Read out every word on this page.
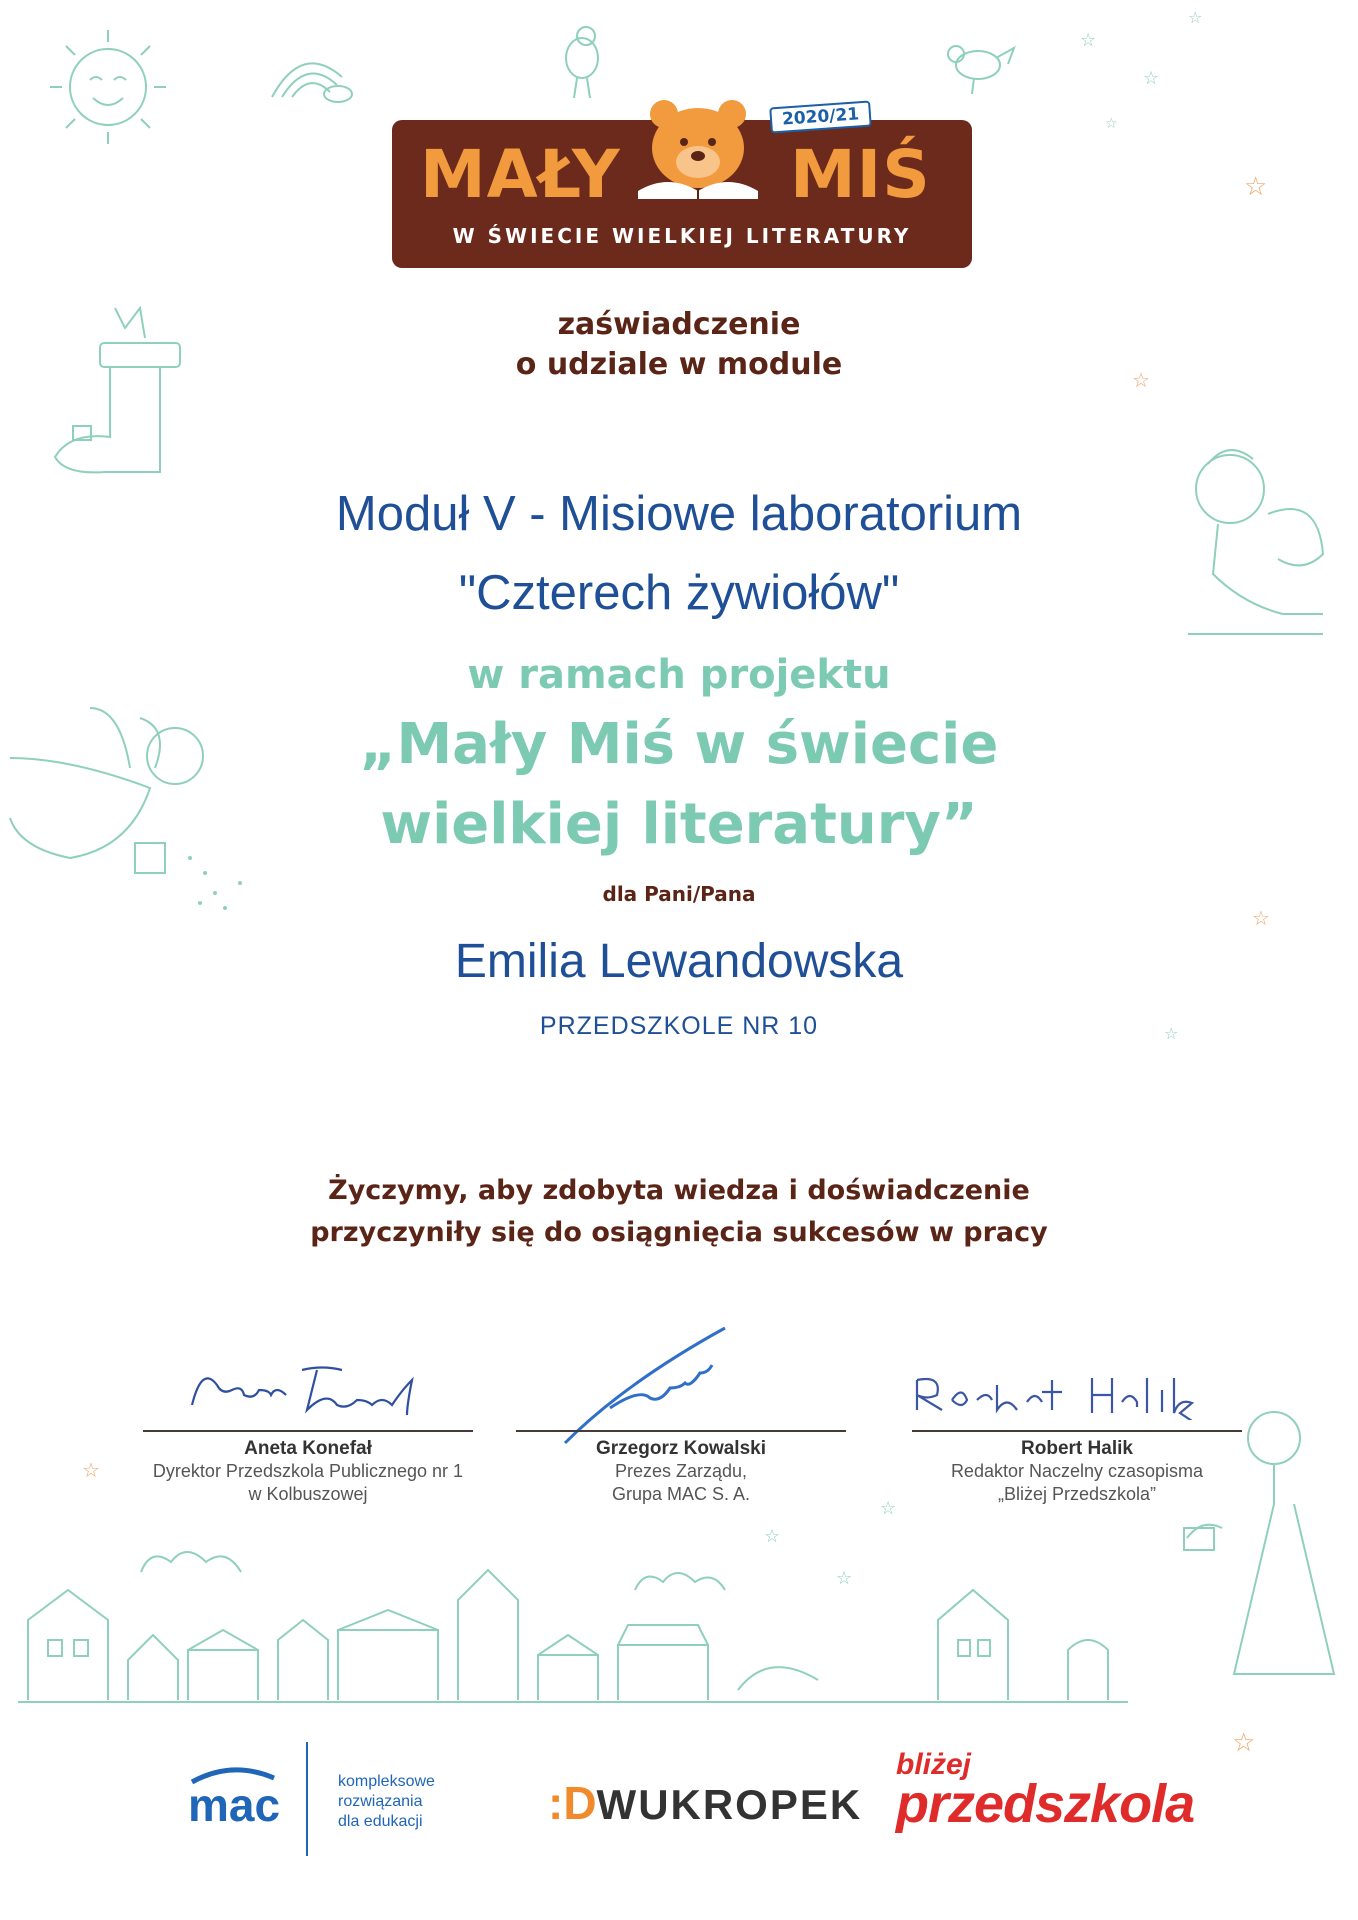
☆
☆
☆
☆
☆
☆
☆
☆
☆
☆
☆
☆
☆
MAŁY	MIŚ
2020/21
W ŚWIECIE WIELKIEJ LITERATURY
zaświadczenie
o udziale w module
Moduł V - Misiowe laboratorium
"Czterech żywiołów"
w ramach projektu
„Mały Miś w świecie
wielkiej literatury”
dla Pani/Pana
Emilia Lewandowska
PRZEDSZKOLE NR 10
Życzymy, aby zdobyta wiedza i doświadczenie
przyczyniły się do osiągnięcia sukcesów w pracy
Aneta Konefał
Dyrektor Przedszkola Publicznego nr 1
w Kolbuszowej
Grzegorz Kowalski
Prezes Zarządu,
Grupa MAC S. A.
Robert Halik
Redaktor Naczelny czasopisma
„Bliżej Przedszkola”
mac	kompleksowe
rozwiązania
dla edukacji	:DWUKROPEK
bliżej
przedszkola
